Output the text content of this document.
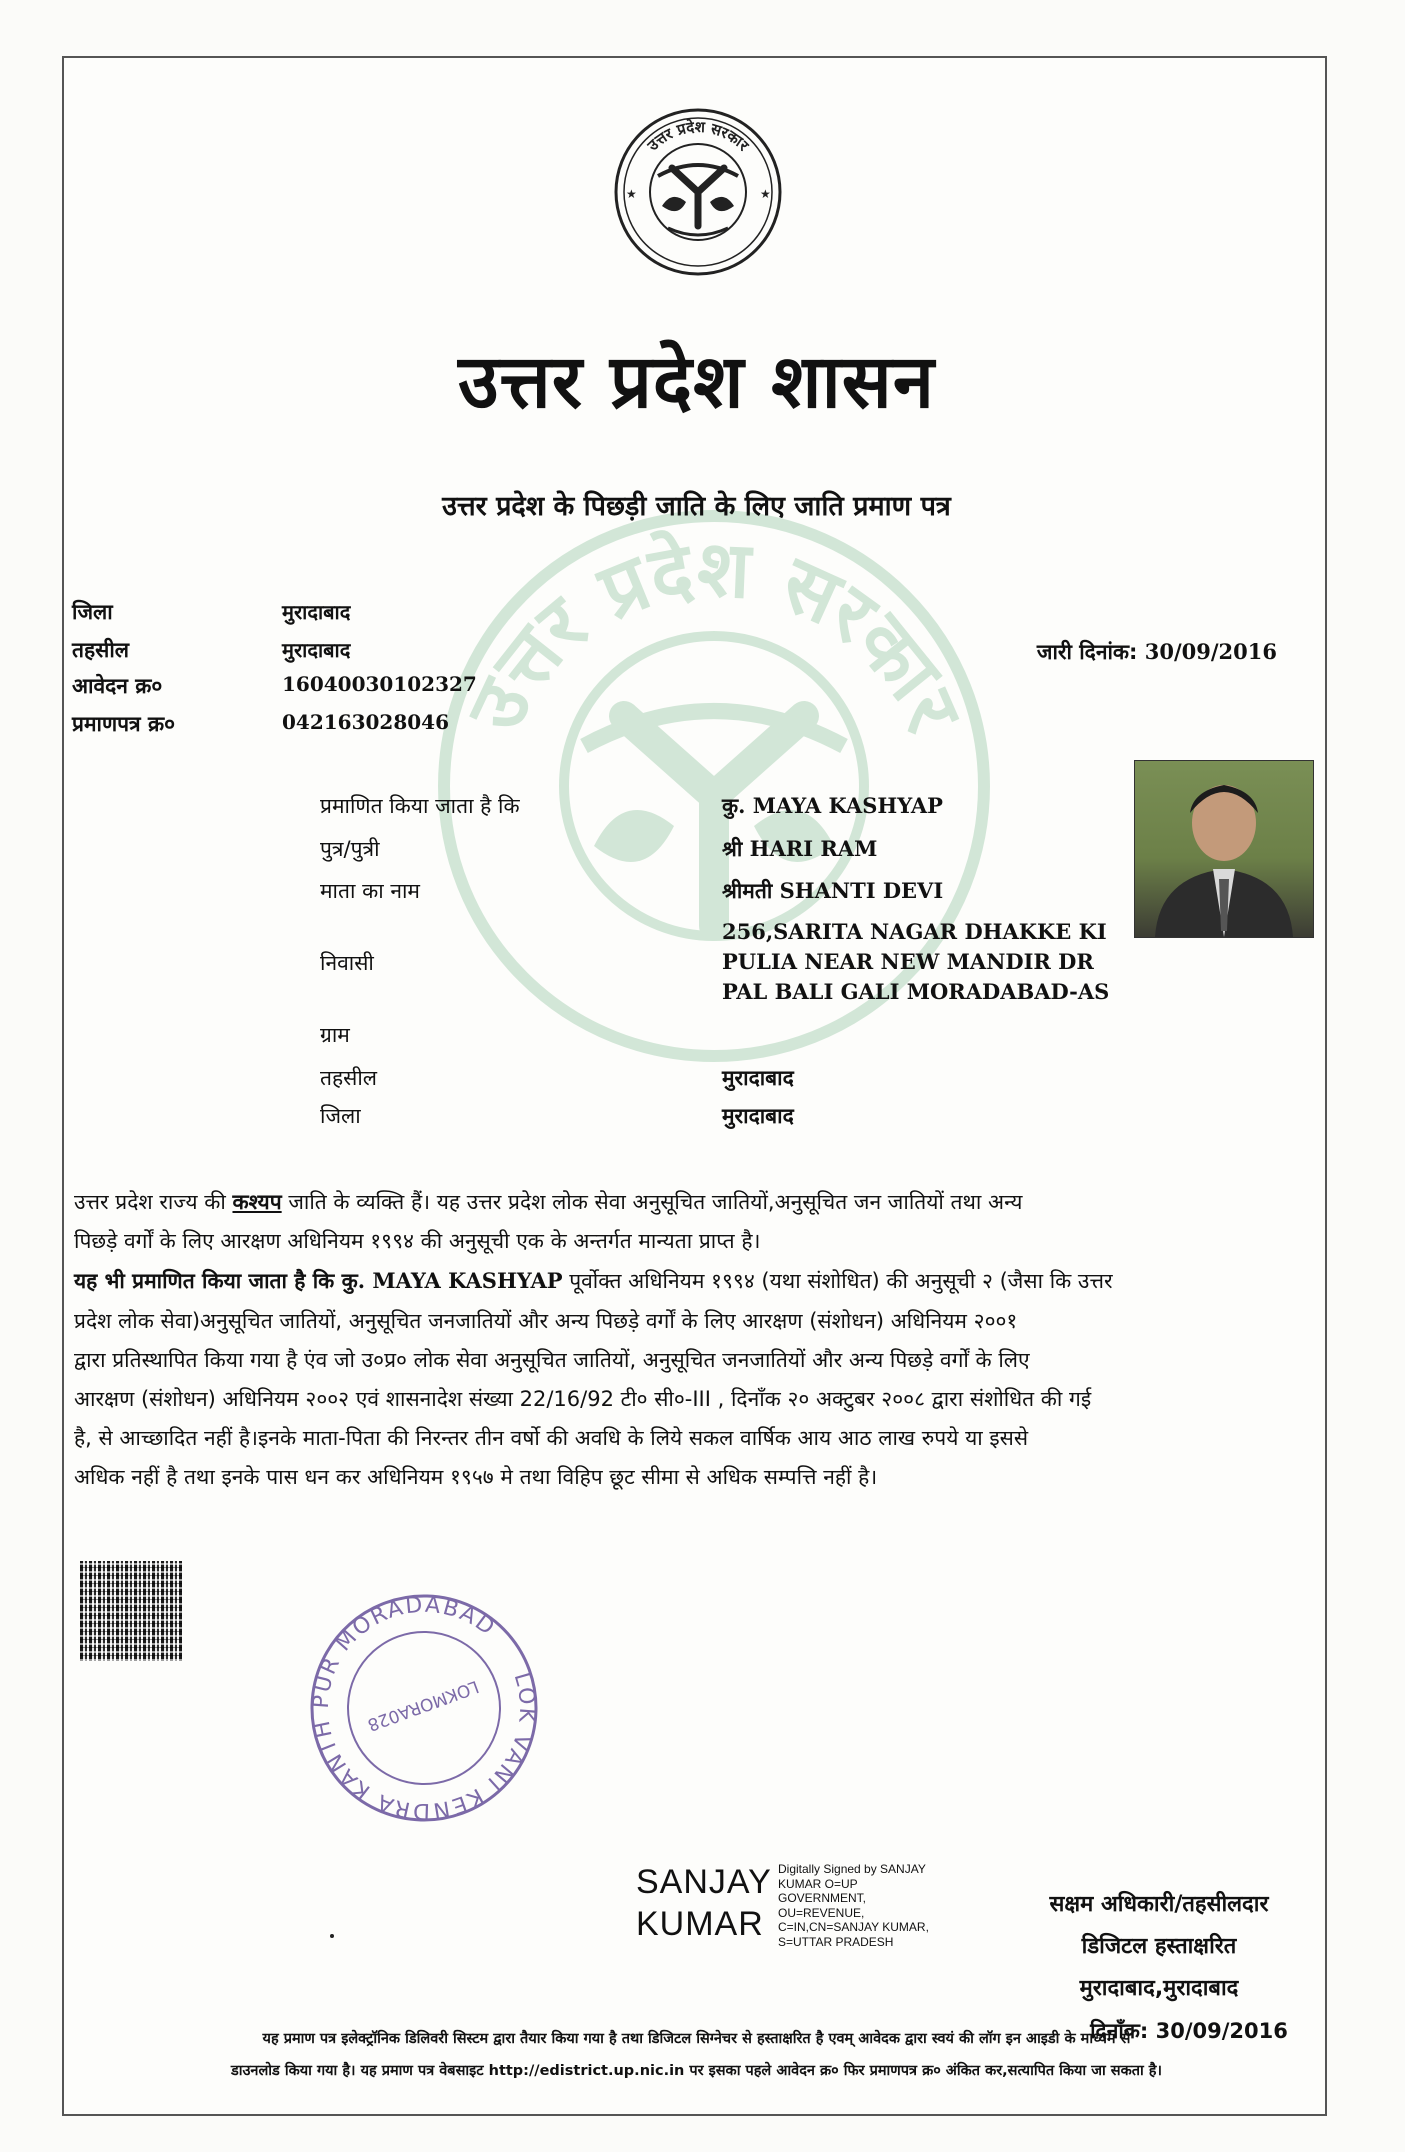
उत्तर प्रदेश सरकार
★	★
उत्तर प्रदेश सरकार
उत्तर प्रदेश शासन
उत्तर प्रदेश के पिछड़ी जाति के लिए जाति प्रमाण पत्र
जिला	मुरादाबाद
तहसील	मुरादाबाद
आवेदन क्र०	16040030102327
प्रमाणपत्र क्र०	042163028046
जारी दिनांक: 30/09/2016
प्रमाणित किया जाता है कि	कु. MAYA KASHYAP
पुत्र/पुत्री	श्री HARI RAM
माता का नाम	श्रीमती SHANTI DEVI
256,SARITA NAGAR DHAKKE KI
निवासी	PULIA NEAR NEW MANDIR DR
PAL BALI GALI MORADABAD-AS
ग्राम
तहसील	मुरादाबाद
जिला	मुरादाबाद
उत्तर प्रदेश राज्य की कश्यप जाति के व्यक्ति हैं। यह उत्तर प्रदेश लोक सेवा अनुसूचित जातियों,अनुसूचित जन जातियों तथा अन्य
पिछड़े वर्गों के लिए आरक्षण अधिनियम १९९४ की अनुसूची एक के अन्तर्गत मान्यता प्राप्त है।
यह भी प्रमाणित किया जाता है कि कु. MAYA KASHYAP पूर्वोक्त अधिनियम १९९४ (यथा संशोधित) की अनुसूची २ (जैसा कि उत्तर
प्रदेश लोक सेवा)अनुसूचित जातियों, अनुसूचित जनजातियों और अन्य पिछड़े वर्गों के लिए आरक्षण (संशोधन) अधिनियम २००१
द्वारा प्रतिस्थापित किया गया है एंव जो उ०प्र० लोक सेवा अनुसूचित जातियों, अनुसूचित जनजातियों और अन्य पिछड़े वर्गों के लिए
आरक्षण (संशोधन) अधिनियम २००२ एवं शासनादेश संख्या 22/16/92 टी० सी०-III , दिनाँक २० अक्टुबर २००८ द्वारा संशोधित की गई
है, से आच्छादित नहीं है।इनके माता-पिता की निरन्तर तीन वर्षो की अवधि के लिये सकल वार्षिक आय आठ लाख रुपये या इससे
अधिक नहीं है तथा इनके पास धन कर अधिनियम १९५७ मे तथा विहिप छूट सीमा से अधिक सम्पत्ति नहीं है।
LOK VANI KENDRA KANTH PUR MORADABAD
LOKMORA028
SANJAY
KUMAR
Digitally Signed by SANJAY
KUMAR O=UP
GOVERNMENT,
OU=REVENUE,
C=IN,CN=SANJAY KUMAR,
S=UTTAR PRADESH
सक्षम अधिकारी/तहसीलदार
डिजिटल हस्ताक्षरित
मुरादाबाद,मुरादाबाद
दिनाँक: 30/09/2016
यह प्रमाण पत्र इलेक्ट्रॉनिक डिलिवरी सिस्टम द्वारा तैयार किया गया है तथा डिजिटल सिग्नेचर से हस्ताक्षरित है एवम् आवेदक द्वारा स्वयं की लॉग इन आइडी के माध्यम से
डाउनलोड किया गया है। यह प्रमाण पत्र वेबसाइट http://edistrict.up.nic.in पर इसका पहले आवेदन क्र० फिर प्रमाणपत्र क्र० अंकित कर,सत्यापित किया जा सकता है।
